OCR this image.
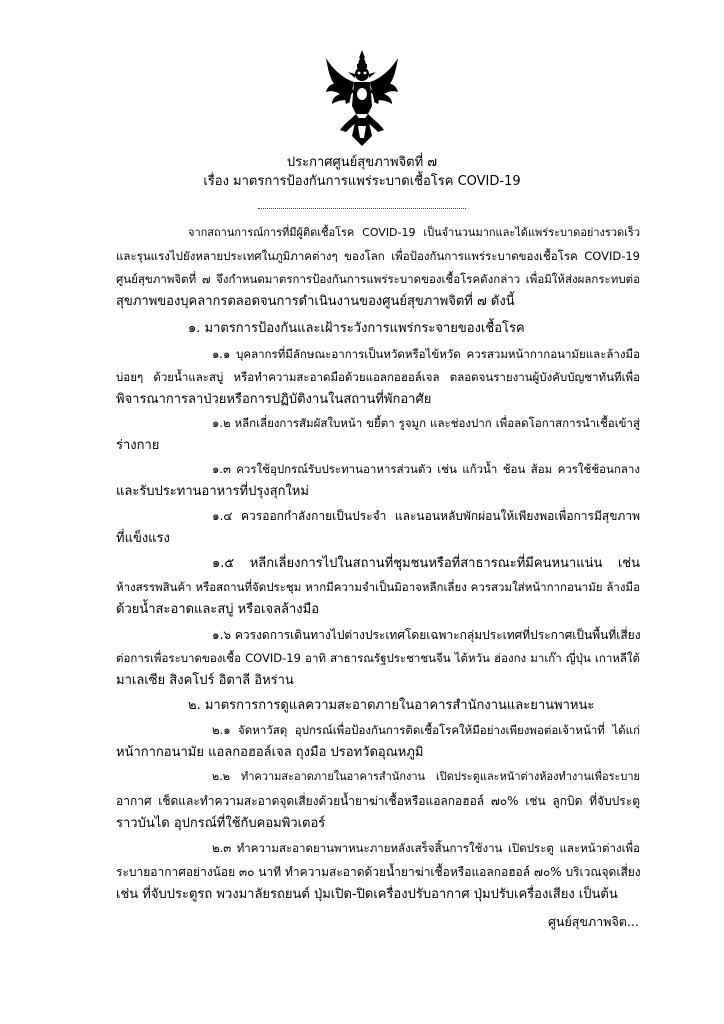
ประกาศศูนย์สุขภาพจิตที่ ๗
เรื่อง มาตรการป้องกันการแพร่ระบาดเชื้อโรค COVID-19
จากสถานการณ์การที่มีผู้ติดเชื้อโรค COVID-19 เป็นจำนวนมากและได้แพร่ระบาดอย่างรวดเร็ว
และรุนแรงไปยังหลายประเทศในภูมิภาคต่างๆ ของโลก เพื่อป้องกันการแพร่ระบาดของเชื้อโรค COVID-19
ศูนย์สุขภาพจิตที่ ๗ จึงกำหนดมาตรการป้องกันการแพร่ระบาดของเชื้อโรคดังกล่าว เพื่อมิให้ส่งผลกระทบต่อ
สุขภาพของบุคลากรตลอดจนการดำเนินงานของศูนย์สุขภาพจิตที่ ๗ ดังนี้
๑. มาตรการป้องกันและเฝ้าระวังการแพร่กระจายของเชื้อโรค
๑.๑ บุคลากรที่มีลักษณะอาการเป็นหวัดหรือไข้หวัด ควรสวมหน้ากากอนามัยและล้างมือ
บ่อยๆ ด้วยน้ำและสบู่ หรือทำความสะอาดมือด้วยแอลกอฮอล์เจล ตลอดจนรายงานผู้บังคับบัญชาทันทีเพื่อ
พิจารณาการลาป่วยหรือการปฏิบัติงานในสถานที่พักอาศัย
๑.๒ หลีกเลี่ยงการสัมผัสใบหน้า ขยี้ตา รูจมูก และช่องปาก เพื่อลดโอกาสการนำเชื้อเข้าสู่
ร่างกาย
๑.๓ ควรใช้อุปกรณ์รับประทานอาหารส่วนตัว เช่น แก้วน้ำ ช้อน ส้อม ควรใช้ช้อนกลาง
และรับประทานอาหารที่ปรุงสุกใหม่
๑.๔ ควรออกกำลังกายเป็นประจำ และนอนหลับพักผ่อนให้เพียงพอเพื่อการมีสุขภาพ
ที่แข็งแรง
๑.๕ หลีกเลี่ยงการไปในสถานที่ชุมชนหรือที่สาธารณะที่มีคนหนาแน่น เช่น
ห้างสรรพสินค้า หรือสถานที่จัดประชุม หากมีความจำเป็นมิอาจหลีกเลี่ยง ควรสวมใส่หน้ากากอนามัย ล้างมือ
ด้วยน้ำสะอาดและสบู่ หรือเจลล้างมือ
๑.๖ ควรงดการเดินทางไปต่างประเทศโดยเฉพาะกลุ่มประเทศที่ประกาศเป็นพื้นที่เสี่ยง
ต่อการเพื่อระบาดของเชื้อ COVID-19 อาทิ สาธารณรัฐประชาชนจีน ไต้หวัน ฮ่องกง มาเก๊า ญี่ปุ่น เกาหลีใต้
มาเลเซีย สิงคโปร์ อิตาลี อิหร่าน
๒. มาตรการการดูแลความสะอาดภายในอาคารสำนักงานและยานพาหนะ
๒.๑ จัดหาวัสดุ อุปกรณ์เพื่อป้องกันการติดเชื้อโรคให้มีอย่างเพียงพอต่อเจ้าหน้าที่ ได้แก่
หน้ากากอนามัย แอลกอฮอล์เจล ถุงมือ ปรอทวัดอุณหภูมิ
๒.๒ ทำความสะอาดภายในอาคารสำนักงาน เปิดประตูและหน้าต่างห้องทำงานเพื่อระบาย
อากาศ เช็ดและทำความสะอาดจุดเสี่ยงด้วยน้ำยาฆ่าเชื้อหรือแอลกอฮอล์ ๗๐% เช่น ลูกบิด ที่จับประตู
ราวบันได อุปกรณ์ที่ใช้กับคอมพิวเตอร์
๒.๓ ทำความสะอาดยานพาหนะภายหลังเสร็จสิ้นการใช้งาน เปิดประตู และหน้าต่างเพื่อ
ระบายอากาศอย่างน้อย ๓๐ นาที ทำความสะอาดด้วยน้ำยาฆ่าเชื้อหรือแอลกอฮอล์ ๗๐% บริเวณจุดเสี่ยง
เช่น ที่จับประตูรถ พวงมาลัยรถยนต์ ปุ่มเปิด-ปิดเครื่องปรับอากาศ ปุ่มปรับเครื่องเสียง เป็นต้น
ศูนย์สุขภาพจิต...
